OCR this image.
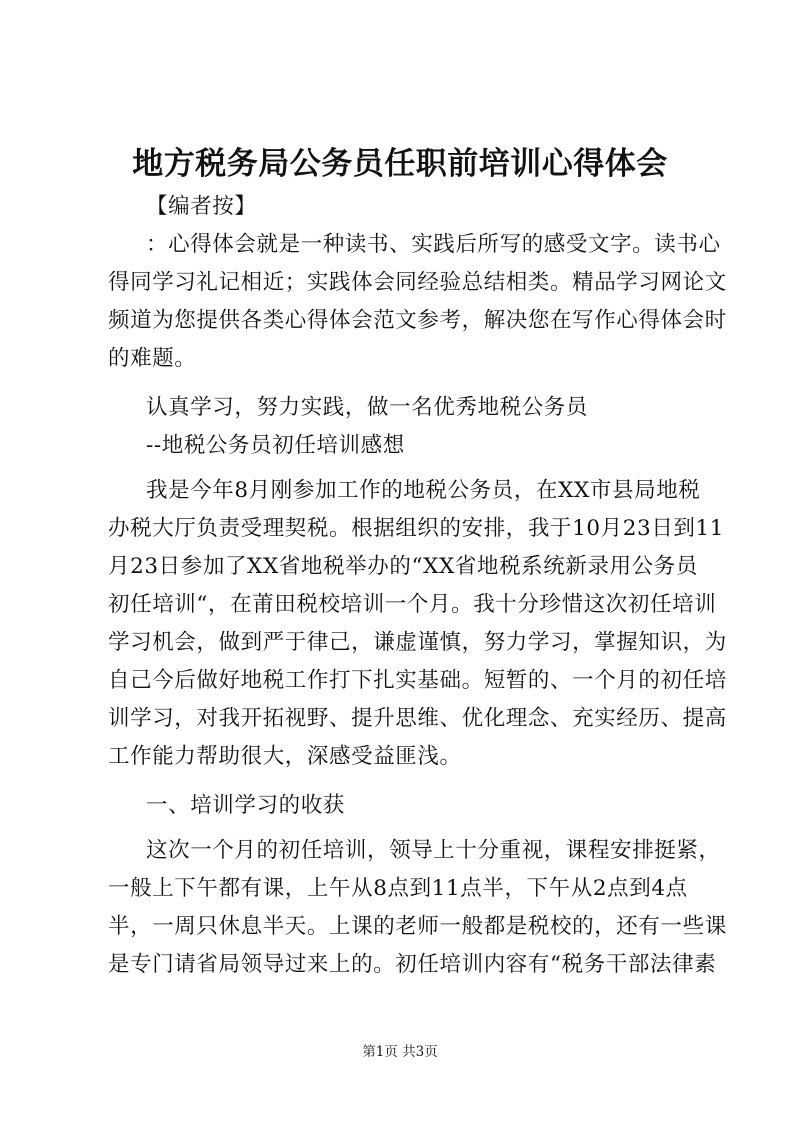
地方税务局公务员任职前培训心得体会
【编者按】
：心得体会就是一种读书、实践后所写的感受文字。读书心
得同学习礼记相近；实践体会同经验总结相类。精品学习网论文
频道为您提供各类心得体会范文参考，解决您在写作心得体会时
的难题。
认真学习，努力实践，做一名优秀地税公务员
--地税公务员初任培训感想
我是今年8月刚参加工作的地税公务员，在XX市县局地税
办税大厅负责受理契税。根据组织的安排，我于10月23日到11
月23日参加了XX省地税举办的“XX省地税系统新录用公务员
初任培训“，在莆田税校培训一个月。我十分珍惜这次初任培训
学习机会，做到严于律己，谦虚谨慎，努力学习，掌握知识，为
自己今后做好地税工作打下扎实基础。短暂的、一个月的初任培
训学习，对我开拓视野、提升思维、优化理念、充实经历、提高
工作能力帮助很大，深感受益匪浅。
一、培训学习的收获
这次一个月的初任培训，领导上十分重视，课程安排挺紧，
一般上下午都有课，上午从8点到11点半，下午从2点到4点
半，一周只休息半天。上课的老师一般都是税校的，还有一些课
是专门请省局领导过来上的。初任培训内容有“税务干部法律素
第1页 共3页
